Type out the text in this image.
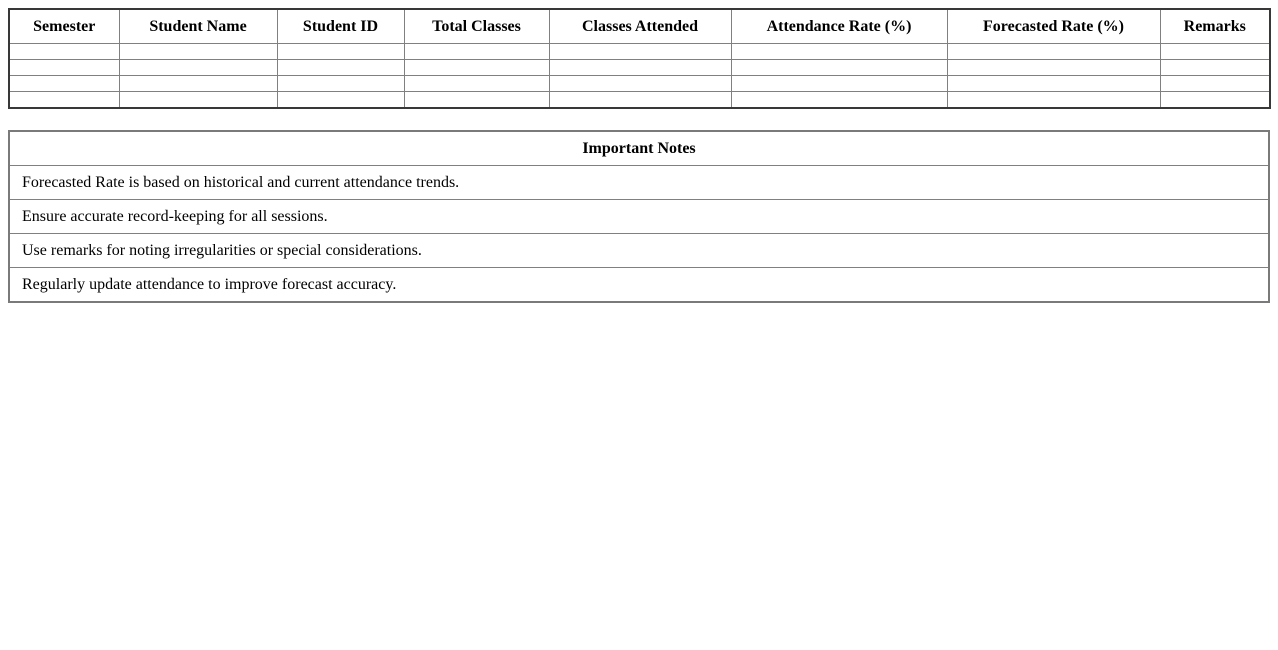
Semester	Student Name	Student ID	Total Classes	Classes Attended	Attendance Rate (%)	Forecasted Rate (%)	Remarks

Important Notes
Forecasted Rate is based on historical and current attendance trends.
Ensure accurate record-keeping for all sessions.
Use remarks for noting irregularities or special considerations.
Regularly update attendance to improve forecast accuracy.
